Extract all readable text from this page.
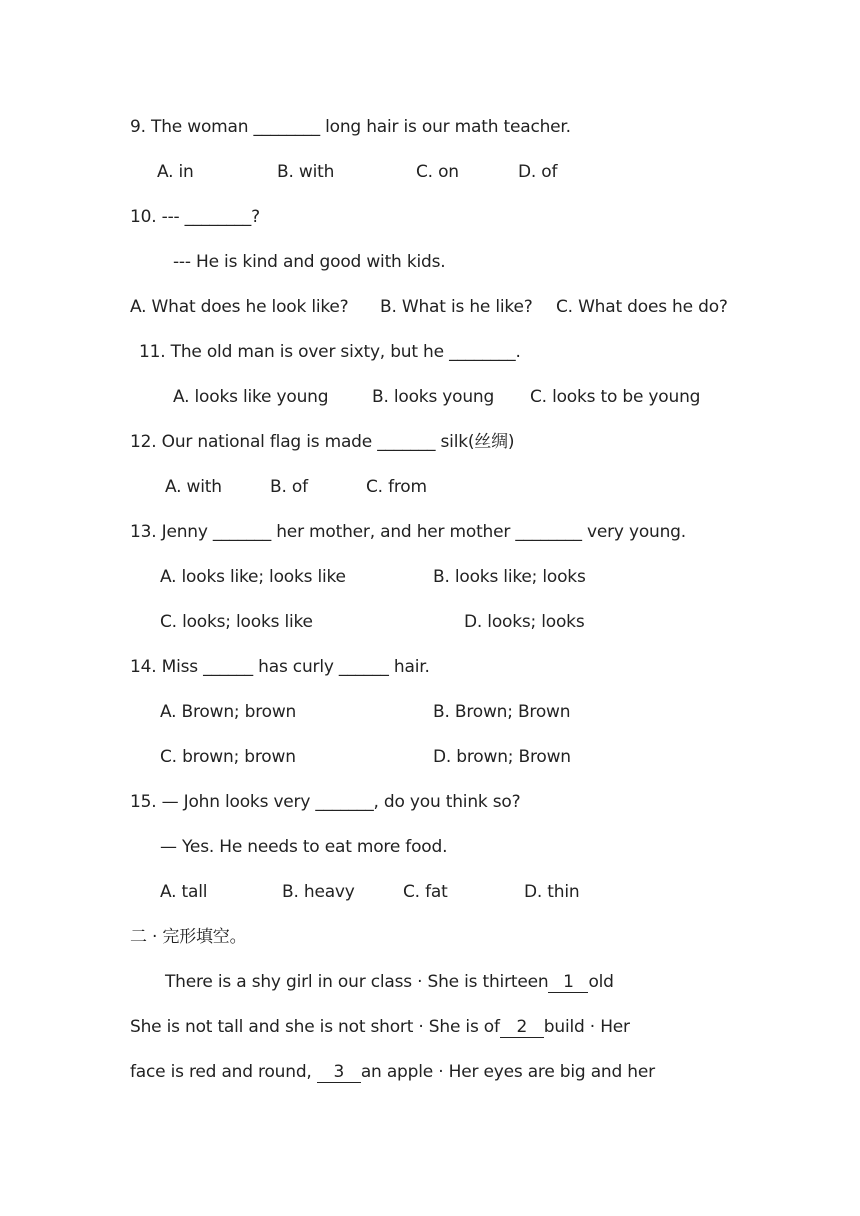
9. The woman ________ long hair is our math teacher.
A. in	B. with	C. on	D. of
10. --- ________?
--- He is kind and good with kids.
A. What does he look like? B. What is he like? C. What does he do?
11. The old man is over sixty, but he ________.
A. looks like young	B. looks young C. looks to be young
12. Our national flag is made _______ silk(丝绸)
A. with	B. of	C. from
13. Jenny _______ her mother, and her mother ________ very young.
A. looks like; looks like	B. looks like; looks
C. looks; looks like	D. looks; looks
14. Miss ______ has curly ______ hair.
A. Brown; brown	B. Brown; Brown
C. brown; brown	D. brown; Brown
15. — John looks very _______, do you think so?
— Yes. He needs to eat more food.
A. tall	B. heavy	C. fat	D. thin
二 · 完形填空。
There is a shy girl in our class · She is thirteen 1 old
She is not tall and she is not short · She is of 2 build · Her
face is red and round, 3 an apple · Her eyes are big and her
